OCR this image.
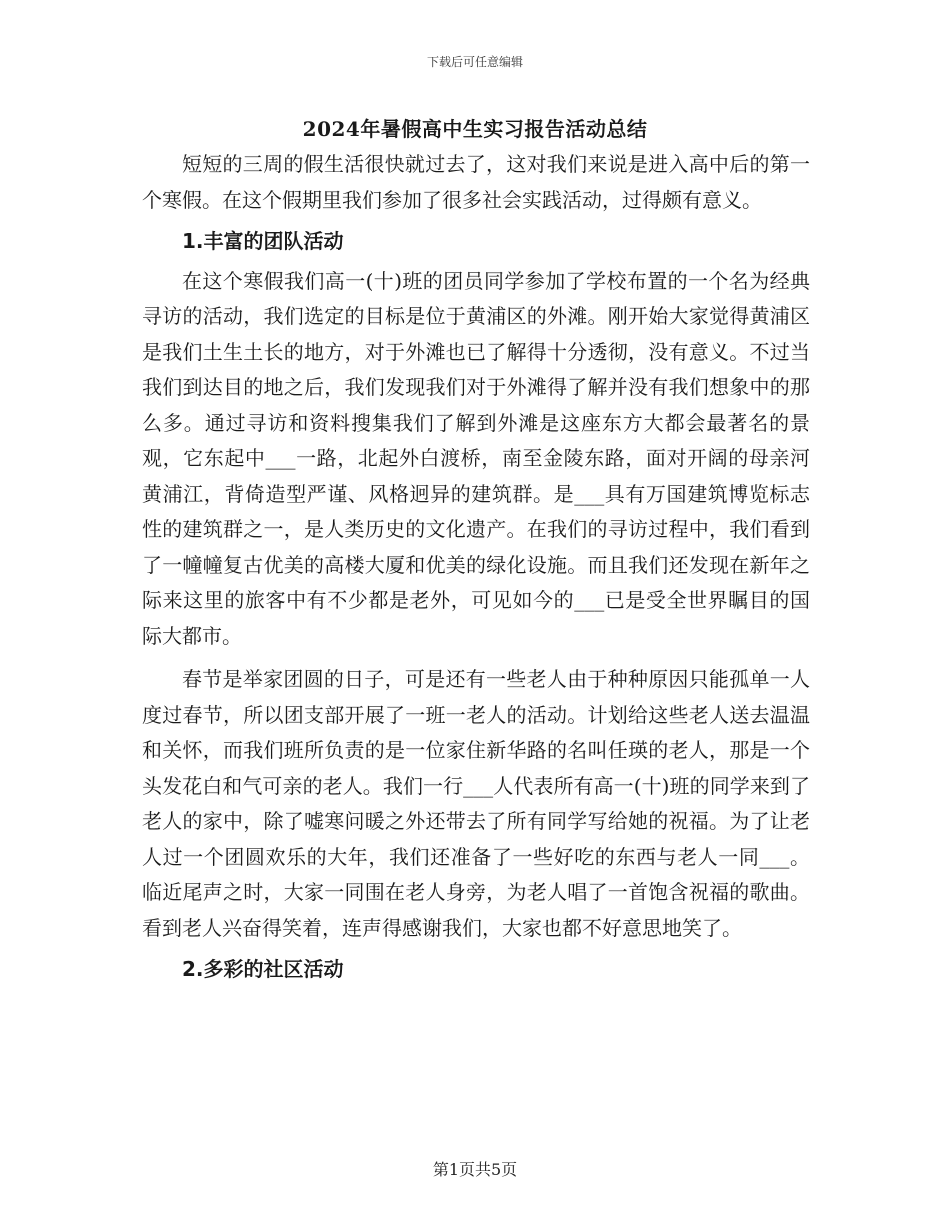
下载后可任意编辑
2024年暑假高中生实习报告活动总结

短短的三周的假生活很快就过去了，这对我们来说是进入高中后的第一个寒假。在这个假期里我们参加了很多社会实践活动，过得颇有意义。

1.丰富的团队活动

在这个寒假我们高一(十)班的团员同学参加了学校布置的一个名为经典寻访的活动，我们选定的目标是位于黄浦区的外滩。刚开始大家觉得黄浦区是我们土生土长的地方，对于外滩也已了解得十分透彻，没有意义。不过当我们到达目的地之后，我们发现我们对于外滩得了解并没有我们想象中的那么多。通过寻访和资料搜集我们了解到外滩是这座东方大都会最著名的景观，它东起中___一路，北起外白渡桥，南至金陵东路，面对开阔的母亲河黄浦江，背倚造型严谨、风格迥异的建筑群。是___具有万国建筑博览标志性的建筑群之一，是人类历史的文化遗产。在我们的寻访过程中，我们看到了一幢幢复古优美的高楼大厦和优美的绿化设施。而且我们还发现在新年之际来这里的旅客中有不少都是老外，可见如今的___已是受全世界瞩目的国际大都市。

春节是举家团圆的日子，可是还有一些老人由于种种原因只能孤单一人度过春节，所以团支部开展了一班一老人的活动。计划给这些老人送去温温和关怀，而我们班所负责的是一位家住新华路的名叫任瑛的老人，那是一个头发花白和气可亲的老人。我们一行___人代表所有高一(十)班的同学来到了老人的家中，除了嘘寒问暖之外还带去了所有同学写给她的祝福。为了让老人过一个团圆欢乐的大年，我们还准备了一些好吃的东西与老人一同___。临近尾声之时，大家一同围在老人身旁，为老人唱了一首饱含祝福的歌曲。看到老人兴奋得笑着，连声得感谢我们，大家也都不好意思地笑了。

2.多彩的社区活动
第1页共5页
